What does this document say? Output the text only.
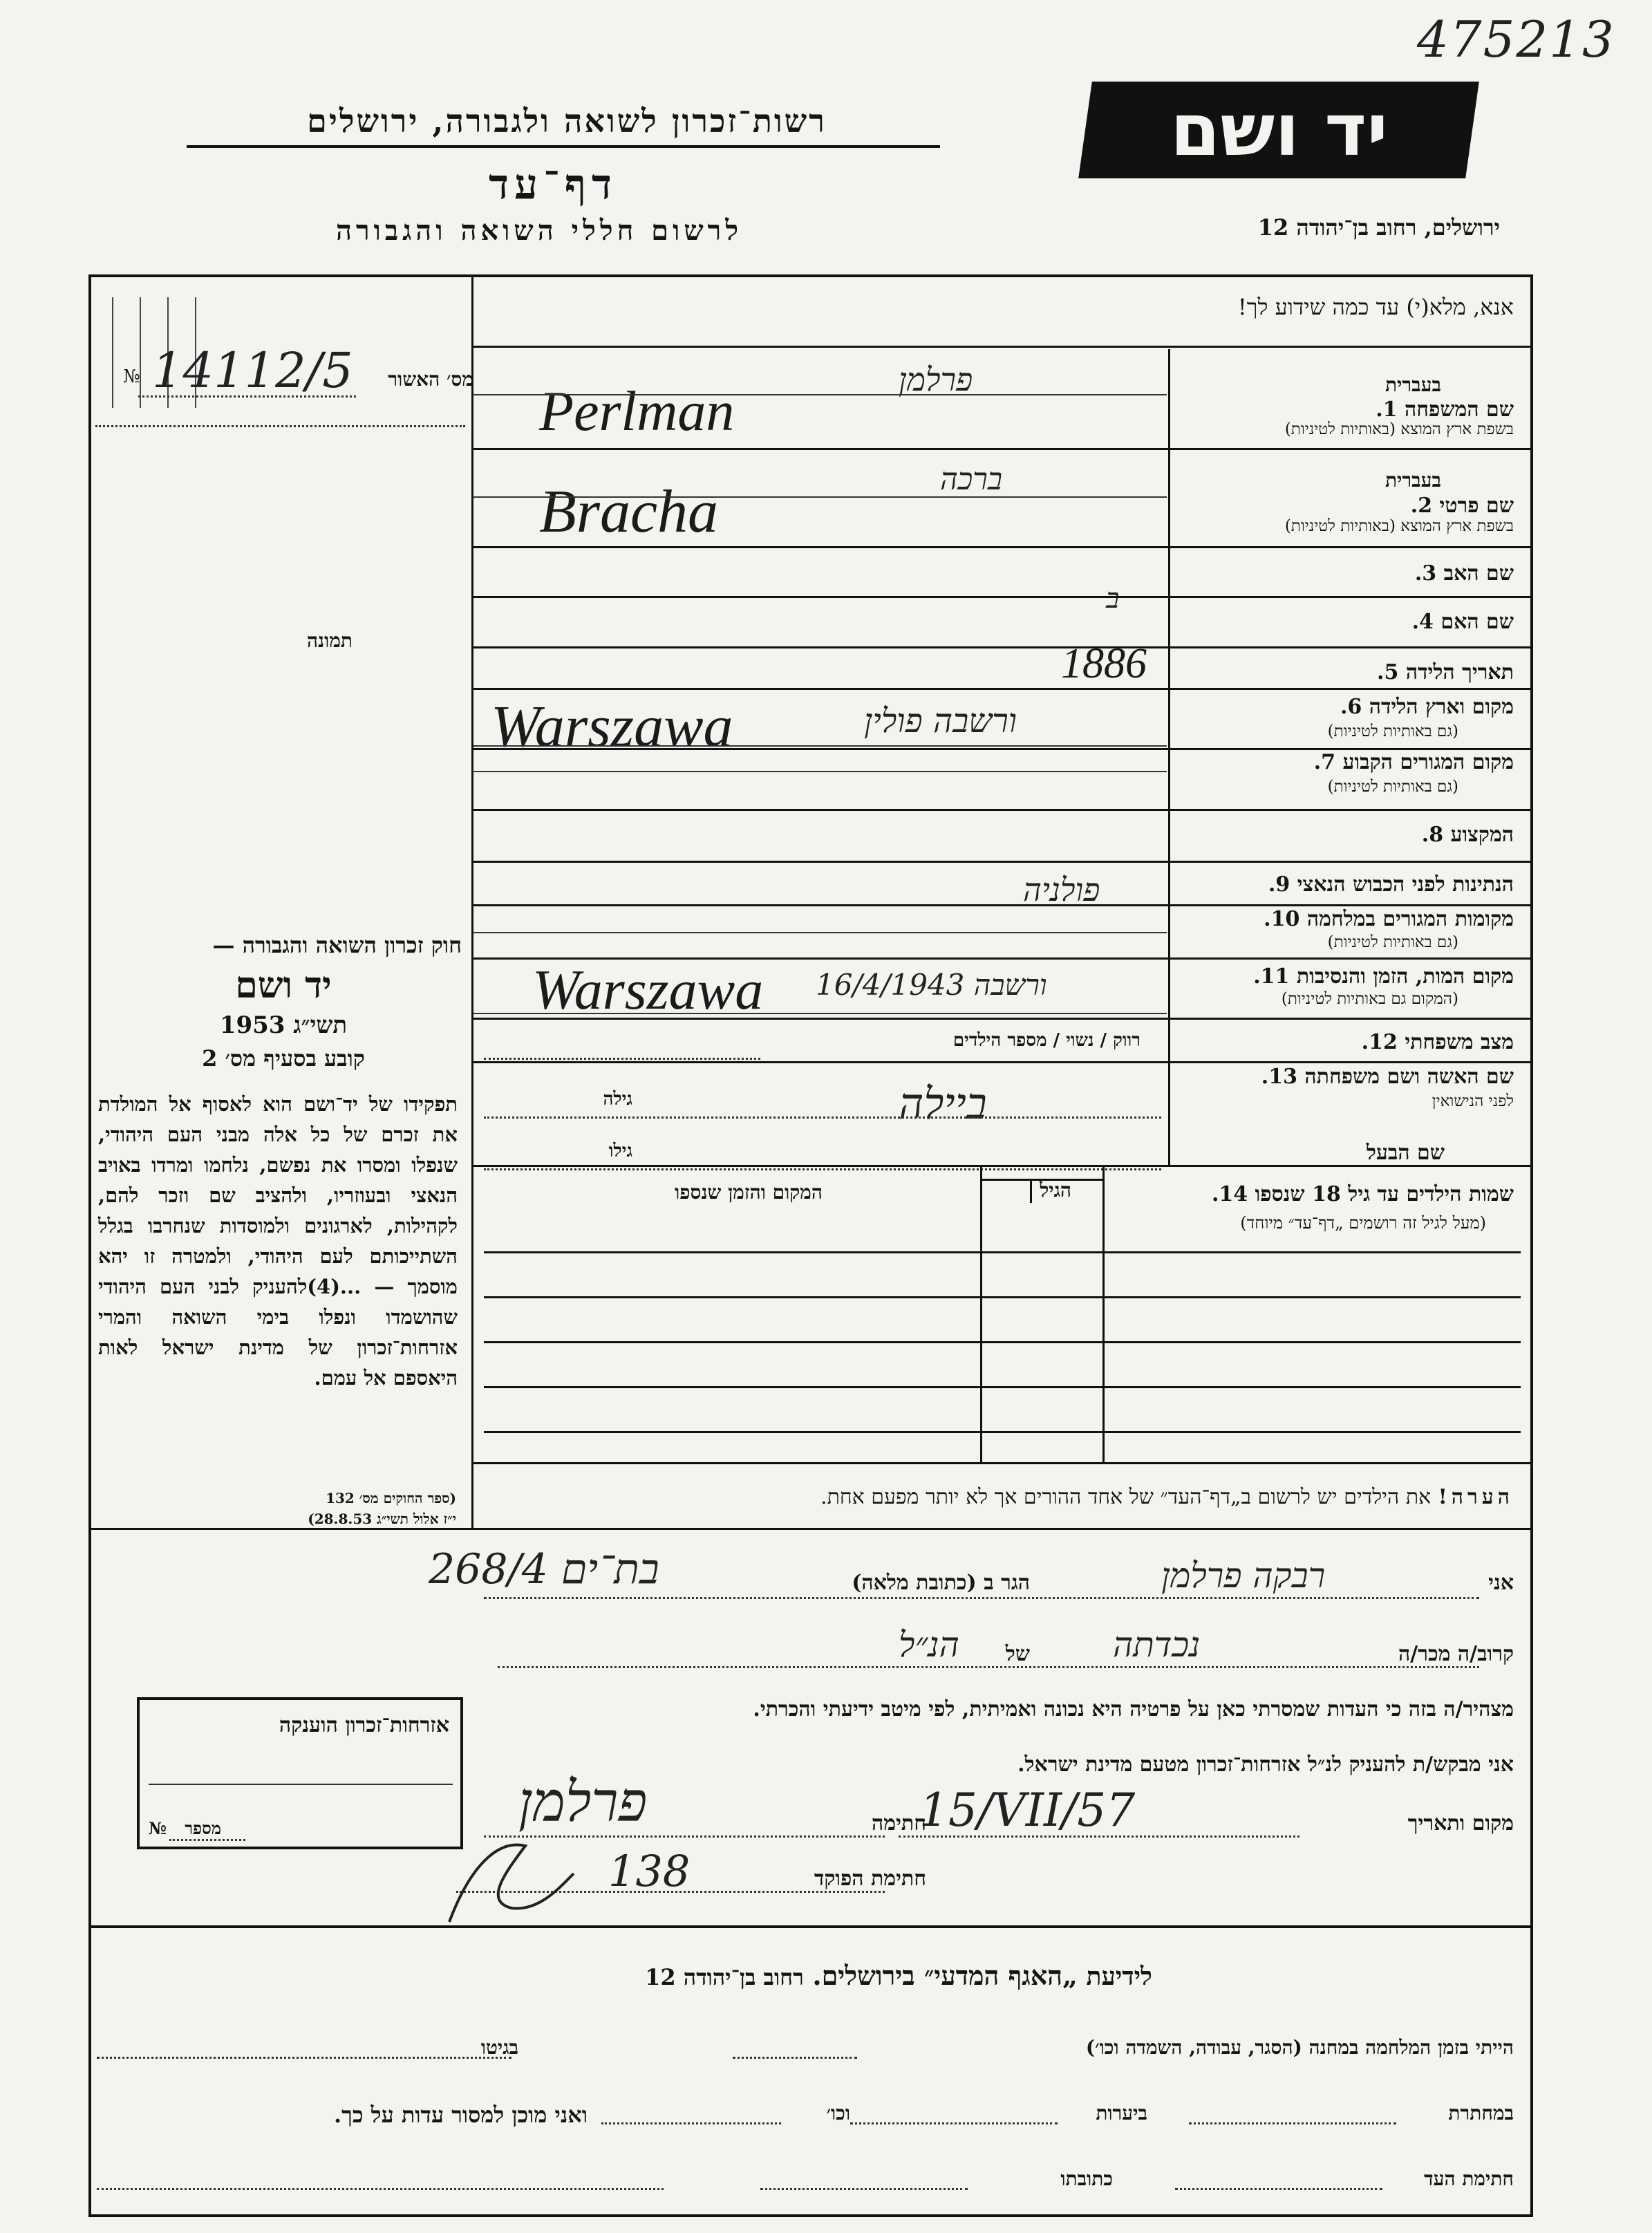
475213
רשות־זכרון לשואה ולגבורה, ירושלים	יד ושם
דף־עד
לרשום חללי השואה והגבורה	ירושלים, רחוב בן־יהודה 12
אנא, מלא(י) עד כמה שידוע לך!
№ 14112/5 מס׳ האשור
תמונה
חוק זכרון השואה והגבורה —
יד ושם
תשי״ג 1953
קובע בסעיף מס׳ 2
תפקידו של יד־ושם הוא לאסוף אל המולדת את זכרם של כל אלה מבני העם היהודי, שנפלו ומסרו את נפשם, נלחמו ומרדו באויב הנאצי ובעוזריו, ולהציב שם וזכר להם, לקהילות, לארגונים ולמוסדות שנחרבו בגלל השתייכותם לעם היהודי, ולמטרה זו יהא מוסמך — ...(4)להעניק לבני העם היהודי שהושמדו ונפלו בימי השואה והמרי אזרחות־זכרון של מדינת ישראל לאות היאספם אל עמם.
(ספר החוקים מס׳ 132
י״ז אלול תשי״ג 28.8.53)
בעברית
שם המשפחה 1.
בשפת ארץ המוצא (באותיות לטיניות)
פרלמן
Perlman
בעברית
שם פרטי 2.
בשפת ארץ המוצא (באותיות לטיניות)
ברכה
Bracha
שם האב 3.
ב
שם האם 4.
תאריך הלידה 5.
1886
מקום וארץ הלידה 6.
(גם באותיות לטיניות)
ורשבה פולין
Warszawa
מקום המגורים הקבוע 7.
(גם באותיות לטיניות)
המקצוע 8.
הנתינות לפני הכבוש הנאצי 9.
פולניה
מקומות המגורים במלחמה 10.
(גם באותיות לטיניות)
מקום המות, הזמן והנסיבות 11.
(המקום גם באותיות לטיניות)
ורשבה 16/4/1943
Warszawa
מצב משפחתי 12.
רווק / נשוי / מספר הילדים
שם האשה ושם משפחתה 13.
לפני הנישואין
גילה	ביילה
שם הבעל
גילו
שמות הילדים עד גיל 18 שנספו 14.
(מעל לגיל זה רושמים „דף־עד״ מיוחד)
הגיל
המקום והזמן שנספו
הערה! את הילדים יש לרשום ב„דף־העד״ של אחד ההורים אך לא יותר מפעם אחת.
אני
רבקה פרלמן
הגר ב (כתובת מלאה)
268/4 בת־ים
קרוב/ה מכר/ה
נכדתה
של
הנ״ל
מצהיר/ה בזה כי העדות שמסרתי כאן על פרטיה היא נכונה ואמיתית, לפי מיטב ידיעתי והכרתי.
אני מבקש/ת להעניק לנ״ל אזרחות־זכרון מטעם מדינת ישראל.
מקום ותאריך
15/VII/57
חתימה
פרלמן
חתימת הפוקד
138
אזרחות־זכרון הוענקה
מספר
№
לידיעת „האגף המדעי״ בירושלים. רחוב בן־יהודה 12
הייתי בזמן המלחמה במחנה (הסגר, עבודה, השמדה וכו׳)
בגיטו
במחתרת
ביערות
וכו׳
ואני מוכן למסור עדות על כך.
חתימת העד
כתובתו
